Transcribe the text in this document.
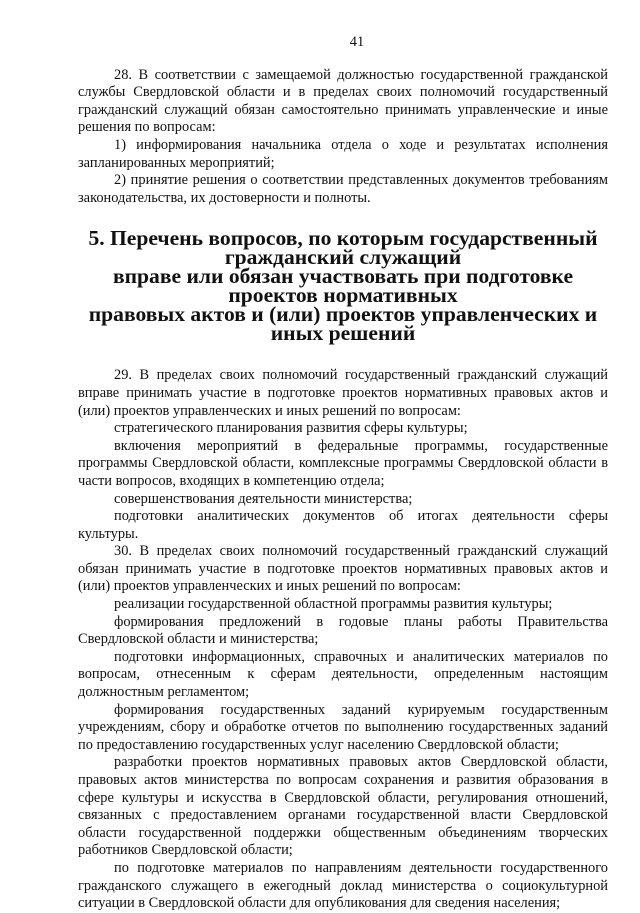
41

28. В соответствии с замещаемой должностью государственной гражданской службы Свердловской области и в пределах своих полномочий государственный гражданский служащий обязан самостоятельно принимать управленческие и иные решения по вопросам:

1) информирования начальника отдела о ходе и результатах исполнения запланированных мероприятий;

2) принятие решения о соответствии представленных документов требованиям законодательства, их достоверности и полноты.

5. Перечень вопросов, по которым государственный гражданский служащий
вправе или обязан участвовать при подготовке проектов нормативных
правовых актов и (или) проектов управленческих и иных решений

29. В пределах своих полномочий государственный гражданский служащий вправе принимать участие в подготовке проектов нормативных правовых актов и (или) проектов управленческих и иных решений по вопросам:

стратегического планирования развития сферы культуры;

включения мероприятий в федеральные программы, государственные программы Свердловской области, комплексные программы Свердловской области в части вопросов, входящих в компетенцию отдела;

совершенствования деятельности министерства;

подготовки аналитических документов об итогах деятельности сферы культуры.

30. В пределах своих полномочий государственный гражданский служащий обязан принимать участие в подготовке проектов нормативных правовых актов и (или) проектов управленческих и иных решений по вопросам:

реализации государственной областной программы развития культуры;

формирования предложений в годовые планы работы Правительства Свердловской области и министерства;

подготовки информационных, справочных и аналитических материалов по вопросам, отнесенным к сферам деятельности, определенным настоящим должностным регламентом;

формирования государственных заданий курируемым государственным учреждениям, сбору и обработке отчетов по выполнению государственных заданий по предоставлению государственных услуг населению Свердловской области;

разработки проектов нормативных правовых актов Свердловской области, правовых актов министерства по вопросам сохранения и развития образования в сфере культуры и искусства в Свердловской области, регулирования отношений, связанных с предоставлением органами государственной власти Свердловской области государственной поддержки общественным объединениям творческих работников Свердловской области;

по подготовке материалов по направлениям деятельности государственного гражданского служащего в ежегодный доклад министерства о социокультурной ситуации в Свердловской области для опубликования для сведения населения;
